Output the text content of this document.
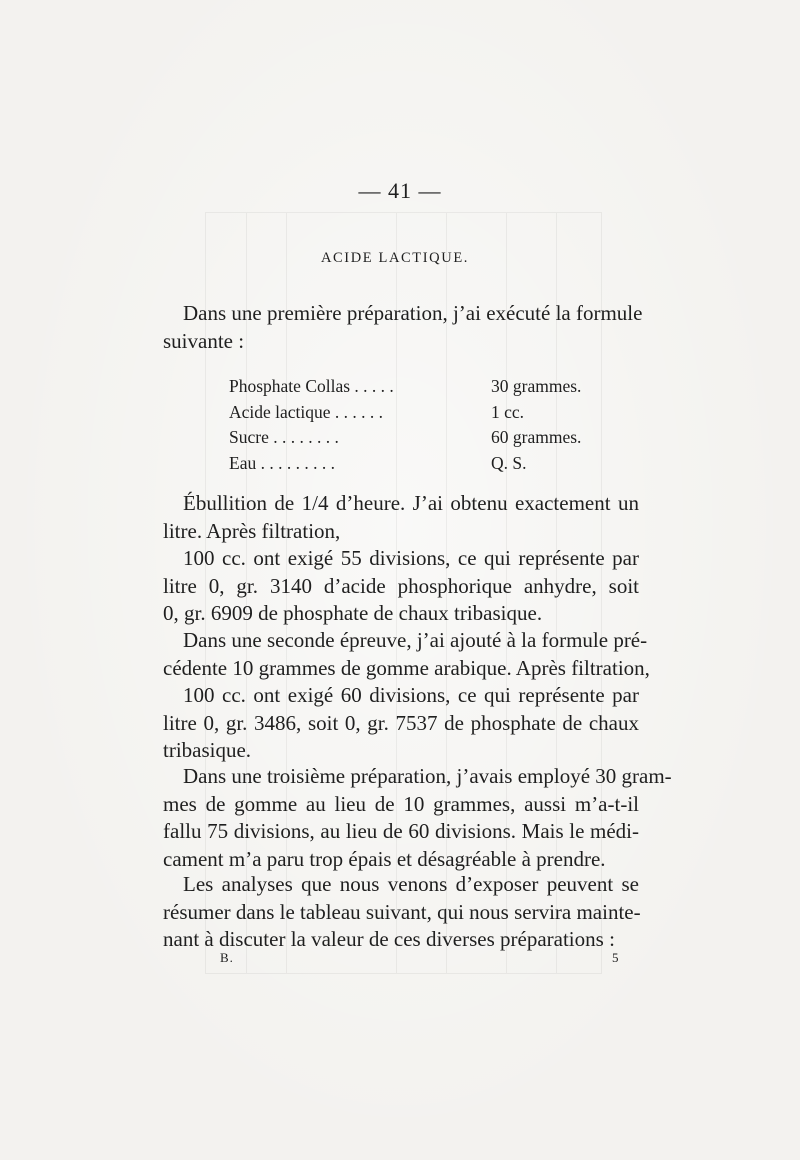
— 41 —
ACIDE LACTIQUE.
Dans une première préparation, j’ai exécuté la formule
suivante :
Phosphate Collas . . . . .	30 grammes.
Acide lactique . . . . . .	1 cc.
Sucre . . . . . . . .	60 grammes.
Eau . . . . . . . . .	Q. S.
Ébullition de 1/4 d’heure. J’ai obtenu exactement un
litre. Après filtration,
100 cc. ont exigé 55 divisions, ce qui représente par
litre 0, gr. 3140 d’acide phosphorique anhydre, soit
0, gr. 6909 de phosphate de chaux tribasique.
Dans une seconde épreuve, j’ai ajouté à la formule pré-
cédente 10 grammes de gomme arabique. Après filtration,
100 cc. ont exigé 60 divisions, ce qui représente par
litre 0, gr. 3486, soit 0, gr. 7537 de phosphate de chaux
tribasique.
Dans une troisième préparation, j’avais employé 30 gram-
mes de gomme au lieu de 10 grammes, aussi m’a-t-il
fallu 75 divisions, au lieu de 60 divisions. Mais le médi-
cament m’a paru trop épais et désagréable à prendre.
Les analyses que nous venons d’exposer peuvent se
résumer dans le tableau suivant, qui nous servira mainte-
nant à discuter la valeur de ces diverses préparations :
B.	5
